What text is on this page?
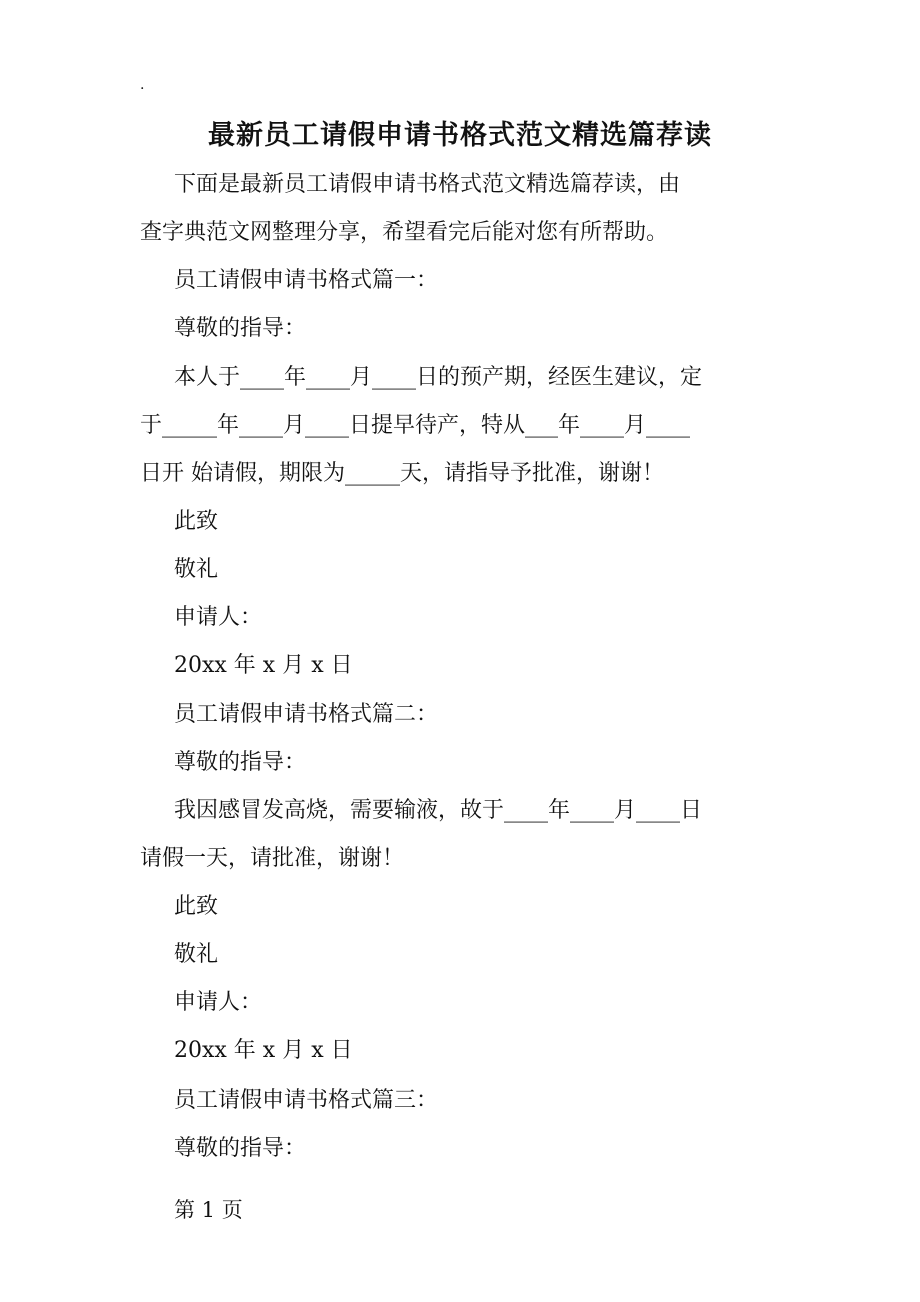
.
最新员工请假申请书格式范文精选篇荐读
下面是最新员工请假申请书格式范文精选篇荐读，由
查字典范文网整理分享，希望看完后能对您有所帮助。
员工请假申请书格式篇一：
尊敬的指导：
本人于____年____月____日的预产期，经医生建议，定
于_____年____月____日提早待产，特从___年____月____
日开 始请假，期限为_____天，请指导予批准，谢谢！
此致
敬礼
申请人：
20xx 年 x 月 x 日
员工请假申请书格式篇二：
尊敬的指导：
我因感冒发高烧，需要输液，故于____年____月____日
请假一天，请批准，谢谢！
此致
敬礼
申请人：
20xx 年 x 月 x 日
员工请假申请书格式篇三：
尊敬的指导：
第 1 页
